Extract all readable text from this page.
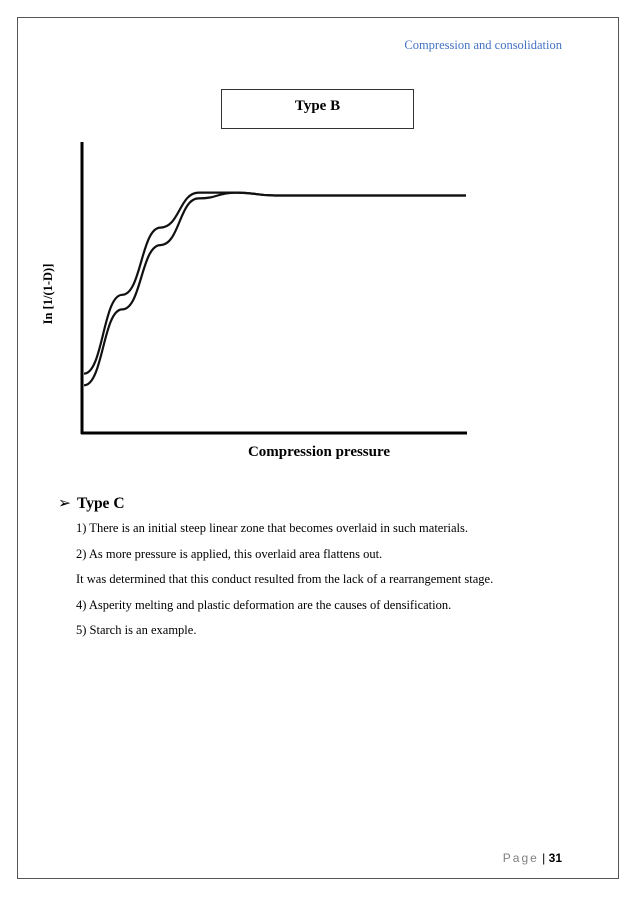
Compression and consolidation
Type B
In [1/(1-D)]
Compression pressure
➢ Type C
1) There is an initial steep linear zone that becomes overlaid in such materials.
2) As more pressure is applied, this overlaid area flattens out.
It was determined that this conduct resulted from the lack of a rearrangement stage.
4) Asperity melting and plastic deformation are the causes of densification.
5) Starch is an example.
Page | 31
